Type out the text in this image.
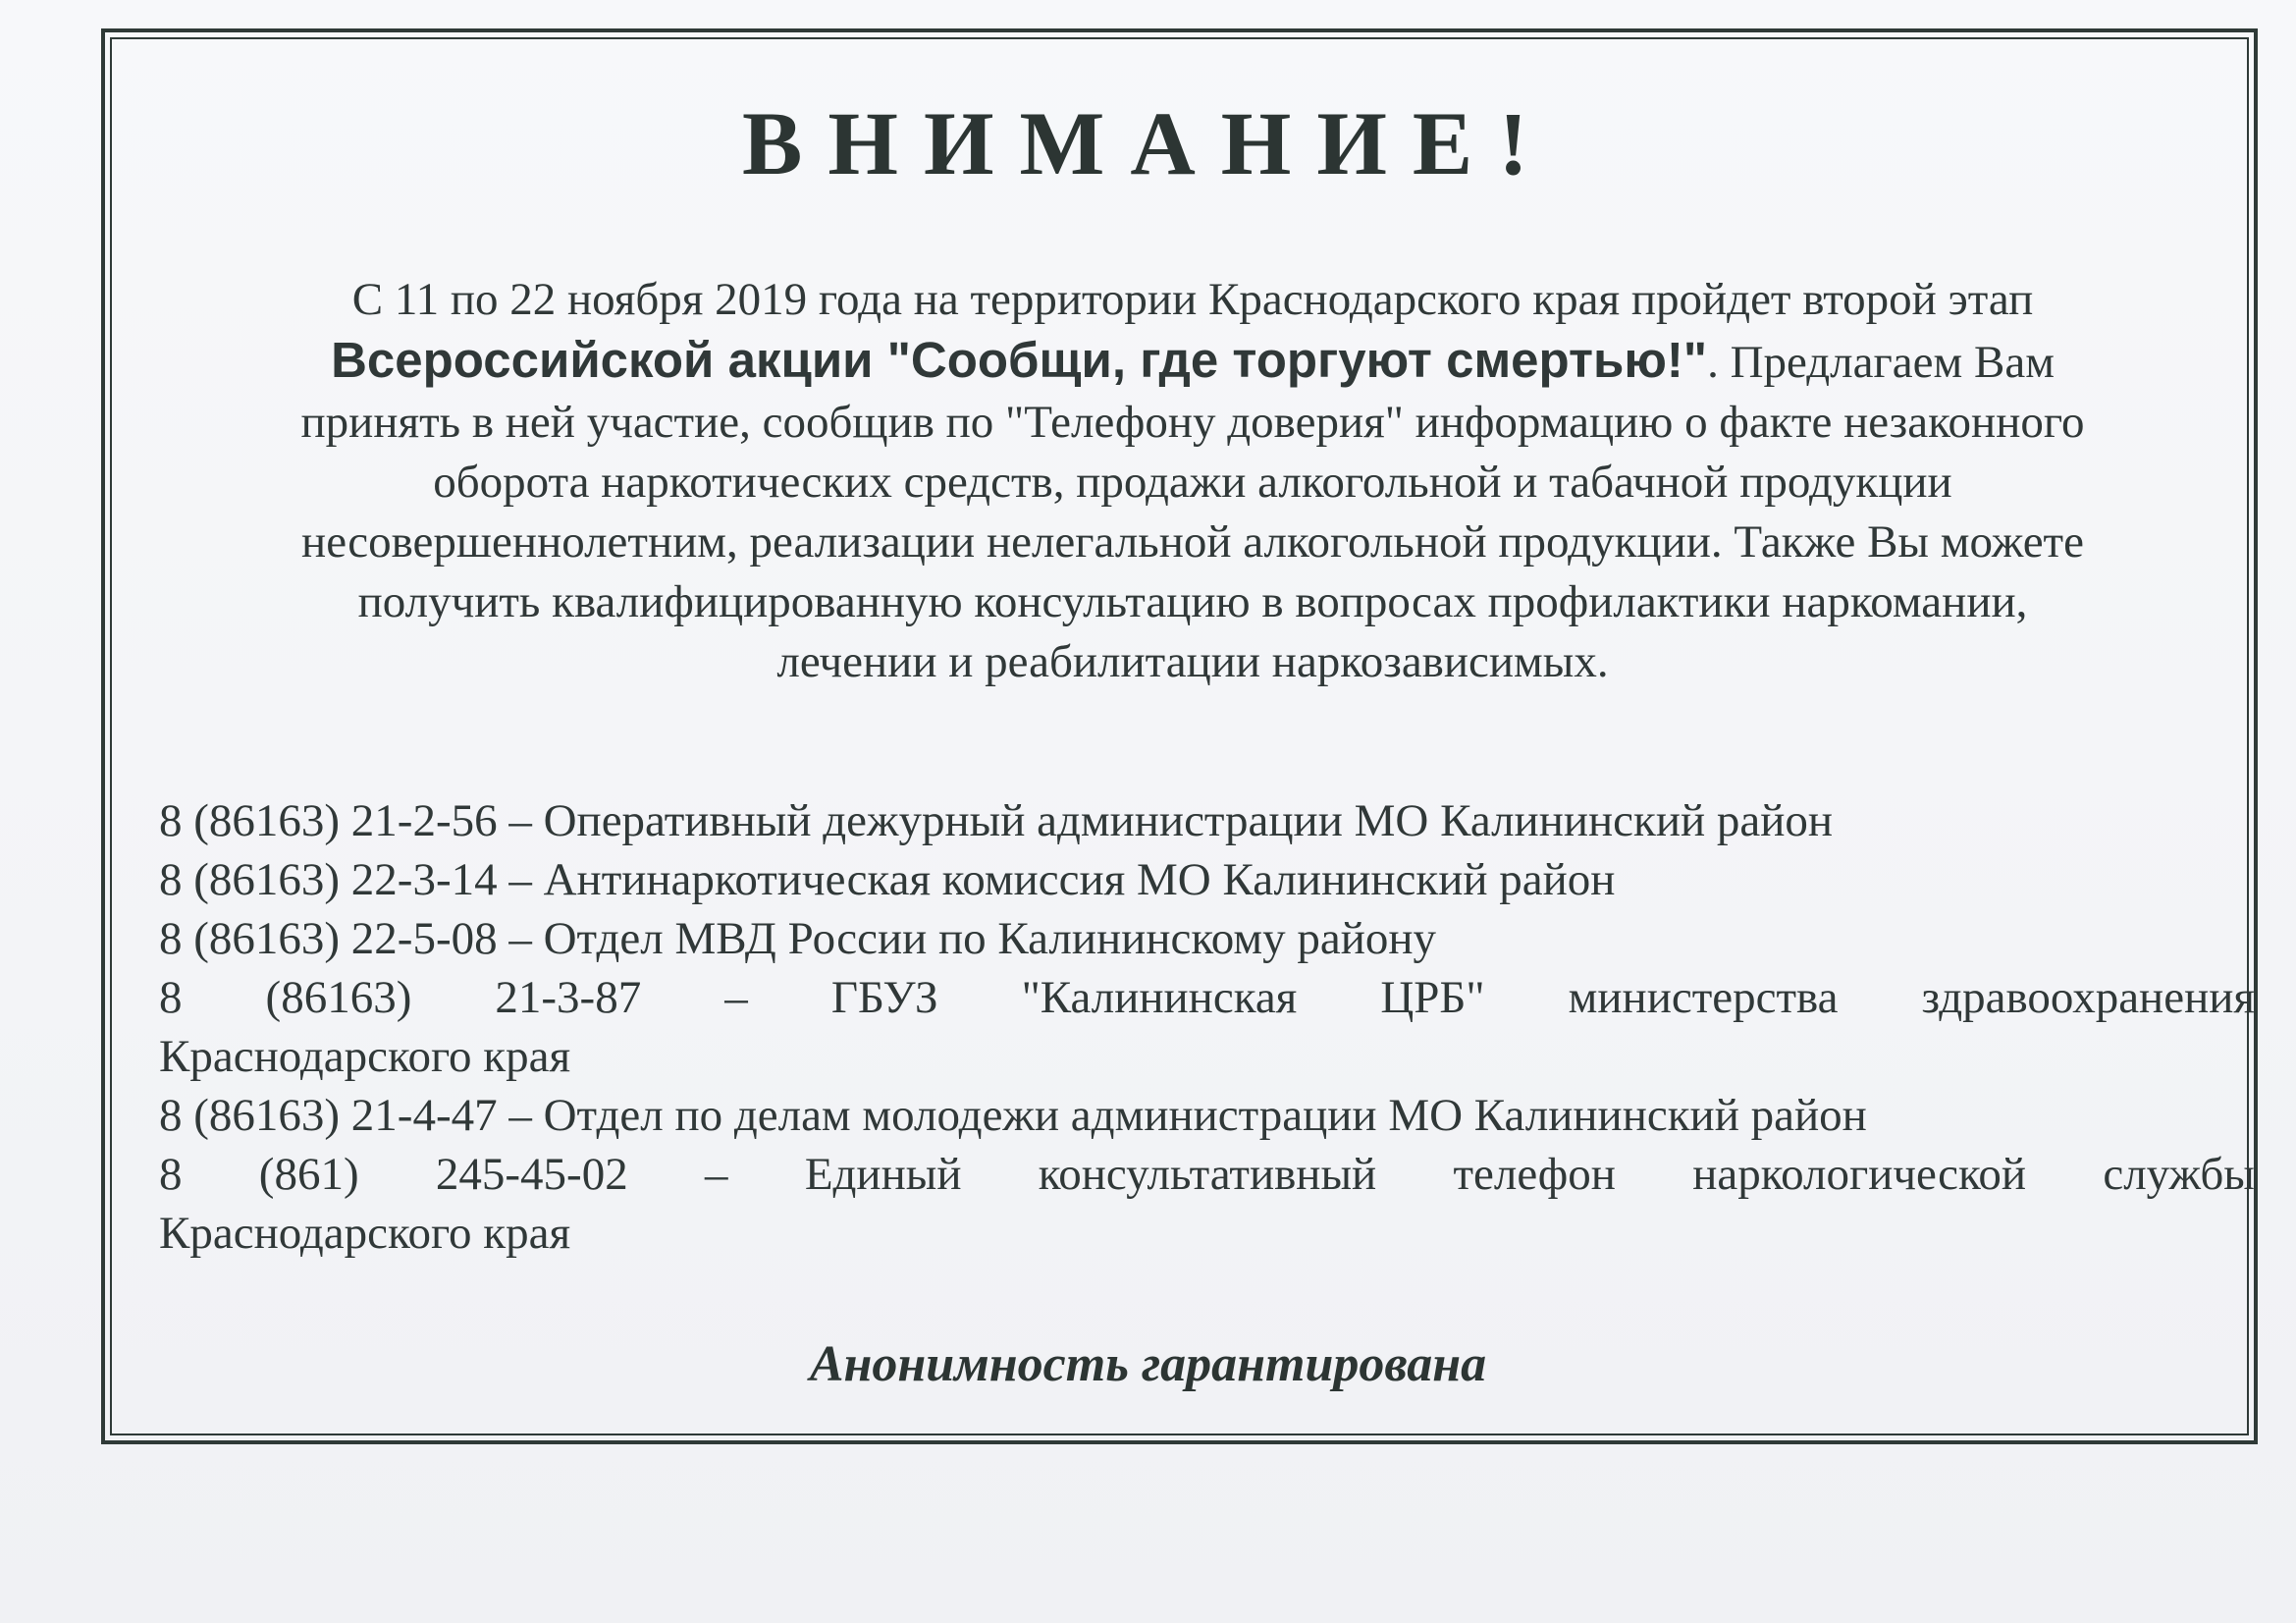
ВНИМАНИЕ!
С 11 по 22 ноября 2019 года на территории Краснодарского края пройдет второй этап
Всероссийской акции "Сообщи, где торгуют смертью!". Предлагаем Вам
принять в ней участие, сообщив по "Телефону доверия" информацию о факте незаконного
оборота наркотических средств, продажи алкогольной и табачной продукции
несовершеннолетним, реализации нелегальной алкогольной продукции. Также Вы можете
получить квалифицированную консультацию в вопросах профилактики наркомании,
лечении и реабилитации наркозависимых.
8 (86163) 21-2-56 – Оперативный дежурный администрации МО Калининский район
8 (86163) 22-3-14 – Антинаркотическая комиссия МО Калининский район
8 (86163) 22-5-08 – Отдел МВД России по Калининскому району
8 (86163) 21-3-87 – ГБУЗ "Калининская ЦРБ" министерства здравоохранения
Краснодарского края
8 (86163) 21-4-47 – Отдел по делам молодежи администрации МО Калининский район
8 (861) 245-45-02 – Единый консультативный телефон наркологической службы
Краснодарского края
Анонимность гарантирована
